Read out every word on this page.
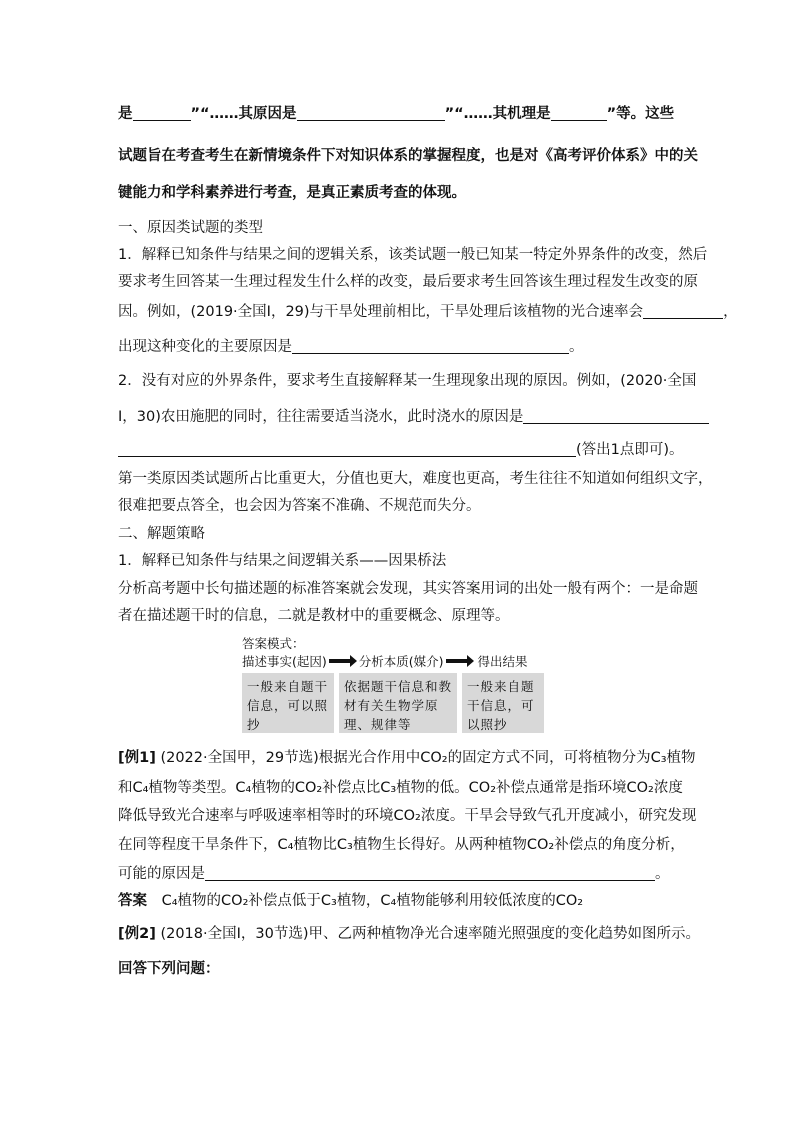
是	”“……其原因是	”“……其机理是	”等。这些
试题旨在考查考生在新情境条件下对知识体系的掌握程度，也是对《高考评价体系》中的关
键能力和学科素养进行考查，是真正素质考查的体现。
一、原因类试题的类型
1．解释已知条件与结果之间的逻辑关系，该类试题一般已知某一特定外界条件的改变，然后
要求考生回答某一生理过程发生什么样的改变，最后要求考生回答该生理过程发生改变的原
因。例如，(2019·全国Ⅰ，29)与干旱处理前相比，干旱处理后该植物的光合速率会	，
出现这种变化的主要原因是	。
2．没有对应的外界条件，要求考生直接解释某一生理现象出现的原因。例如，(2020·全国
Ⅰ，30)农田施肥的同时，往往需要适当浇水，此时浇水的原因是
(答出1点即可)。
第一类原因类试题所占比重更大，分值也更大，难度也更高，考生往往不知道如何组织文字，
很难把要点答全，也会因为答案不准确、不规范而失分。
二、解题策略
1．解释已知条件与结果之间逻辑关系——因果桥法
分析高考题中长句描述题的标准答案就会发现，其实答案用词的出处一般有两个：一是命题
者在描述题干时的信息，二就是教材中的重要概念、原理等。
答案模式：
描述事实(起因)	分析本质(媒介)	得出结果
一般来自题干信息，可以照抄
依据题干信息和教材有关生物学原理、规律等
一般来自题干信息，可以照抄
[例1] (2022·全国甲，29节选)根据光合作用中CO₂的固定方式不同，可将植物分为C₃植物
和C₄植物等类型。C₄植物的CO₂补偿点比C₃植物的低。CO₂补偿点通常是指环境CO₂浓度
降低导致光合速率与呼吸速率相等时的环境CO₂浓度。干旱会导致气孔开度减小，研究发现
在同等程度干旱条件下，C₄植物比C₃植物生长得好。从两种植物CO₂补偿点的角度分析，
可能的原因是	。
答案 C₄植物的CO₂补偿点低于C₃植物，C₄植物能够利用较低浓度的CO₂
[例2] (2018·全国Ⅰ，30节选)甲、乙两种植物净光合速率随光照强度的变化趋势如图所示。
回答下列问题：
